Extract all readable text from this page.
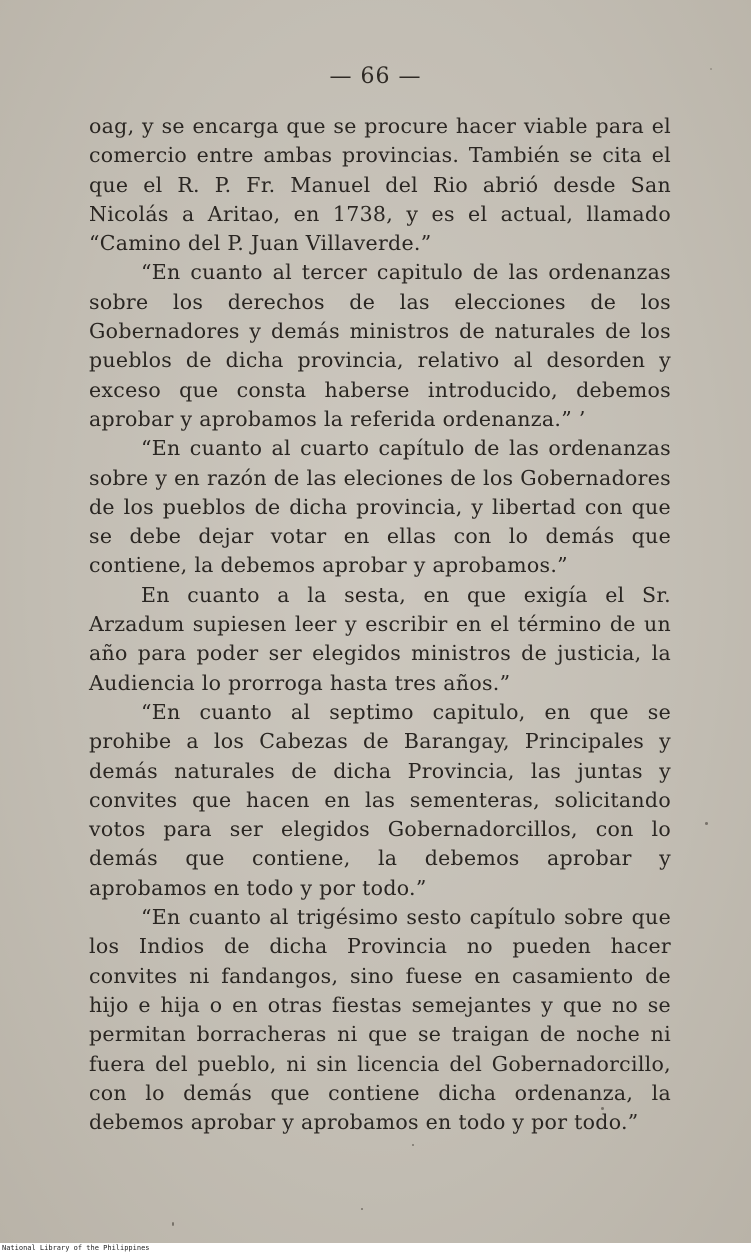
— 66 —

oag, y se encarga que se procure hacer viable para el comercio entre ambas provincias. También se cita el que el R. P. Fr. Manuel del Rio abrió desde San Nicolás a Aritao, en 1738, y es el actual, llamado “Camino del P. Juan Villaverde.”

“En cuanto al tercer capitulo de las ordenanzas sobre los derechos de las elecciones de los Gobernadores y demás ministros de naturales de los pueblos de dicha provincia, relativo al desorden y exceso que consta haberse introducido, debemos aprobar y aprobamos la referida ordenanza.” ’

“En cuanto al cuarto capítulo de las ordenanzas sobre y en razón de las eleciones de los Gobernadores de los pueblos de dicha provincia, y libertad con que se debe dejar votar en ellas con lo demás que contiene, la debemos aprobar y aprobamos.”

En cuanto a la sesta, en que exigía el Sr. Arzadum supiesen leer y escribir en el término de un año para poder ser elegidos ministros de justicia, la Audiencia lo prorroga hasta tres años.”

“En cuanto al septimo capitulo, en que se prohibe a los Cabezas de Barangay, Principales y demás naturales de dicha Provincia, las juntas y convites que hacen en las sementeras, solicitando votos para ser elegidos Gobernadorcillos, con lo demás que contiene, la debemos aprobar y aprobamos en todo y por todo.”

“En cuanto al trigésimo sesto capítulo sobre que los Indios de dicha Provincia no pueden hacer convites ni fandangos, sino fuese en casamiento de hijo e hija o en otras fiestas semejantes y que no se permitan borracheras ni que se traigan de noche ni fuera del pueblo, ni sin licencia del Gobernadorcillo, con lo demás que contiene dicha ordenanza, la debemos aprobar y aprobamos en todo y por todo.”

National Library of the Philippines
